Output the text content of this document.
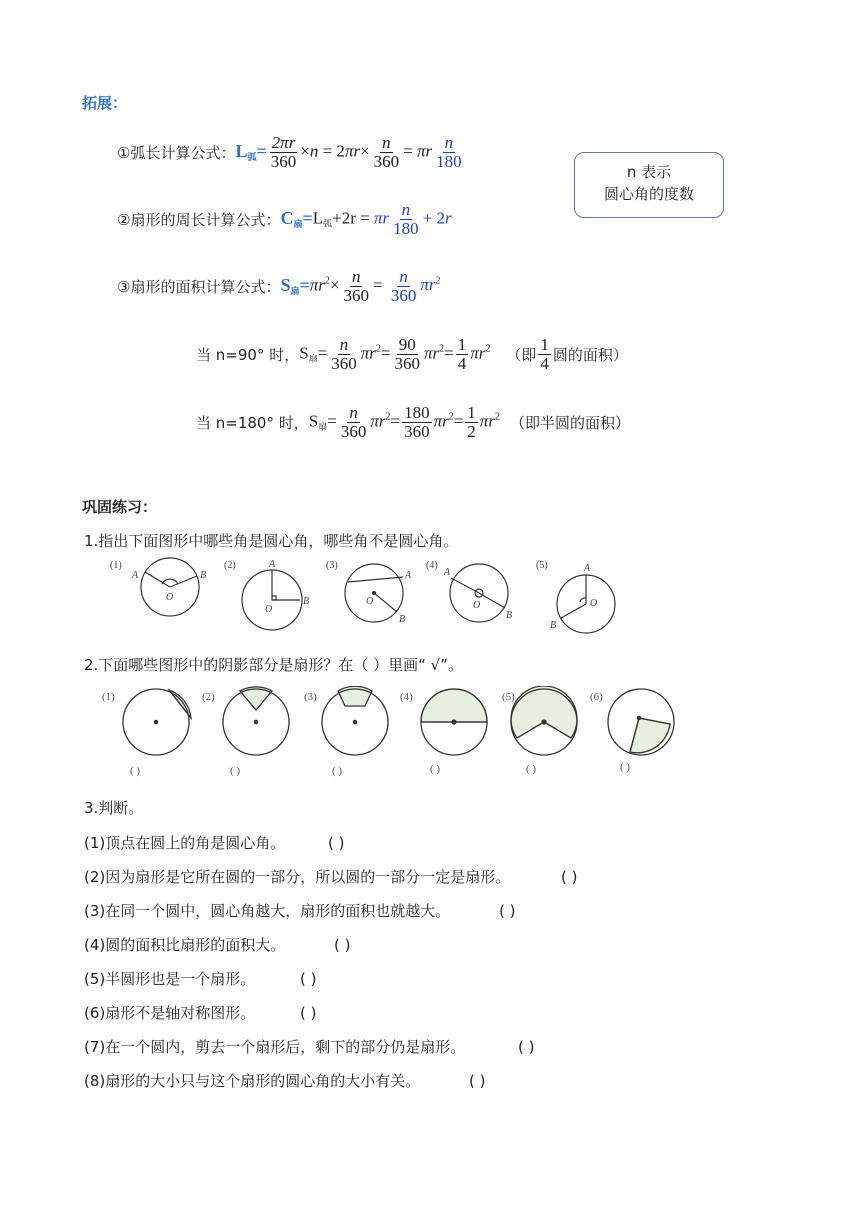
拓展：
①弧长计算公式： $L_弧= \frac{2\pi r}{360} \times n = 2\pi r\times \frac{n}{360} = \pi r \frac{n}{180}$
n 表示
圆心角的度数
②扇形的周长计算公式： $C_扇= L_弧+2r = \pi r \frac{n}{180} + 2r$
③扇形的面积计算公式： $S_扇= \pi r^2\times \frac{n}{360} = \frac{n}{360} \pi r^2$
当 n=90° 时， $S_扇= \frac{n}{360} \pi r^2= \frac{90}{360} \pi r^2= \frac{1}{4} \pi r^2$ （即 $\frac{1}{4}$ 圆的面积）
当 n=180° 时， $S_扇= \frac{n}{360} \pi r^2= \frac{180}{360} \pi r^2= \frac{1}{2} \pi r^2$ （即半圆的面积）
巩固练习：
1.指出下面图形中哪些角是圆心角，哪些角不是圆心角。
(1)
A	B
O
(2)	A
B
O
(3)
A
B
O
(4)
A
B
O
(5)	A
O
B
2.下面哪些图形中的阴影部分是扇形？在（ ）里画“ √”。
(1)
( )
(2)
( )
(3)
( )
(4)
( )
(5)
( )
(6)
( )
3.判断。
(1)顶点在圆上的角是圆心角。	( )
(2)因为扇形是它所在圆的一部分，所以圆的一部分一定是扇形。	( )
(3)在同一个圆中，圆心角越大，扇形的面积也就越大。	( )
(4)圆的面积比扇形的面积大。	( )
(5)半圆形也是一个扇形。	( )
(6)扇形不是轴对称图形。	( )
(7)在一个圆内，剪去一个扇形后，剩下的部分仍是扇形。	( )
(8)扇形的大小只与这个扇形的圆心角的大小有关。	( )
